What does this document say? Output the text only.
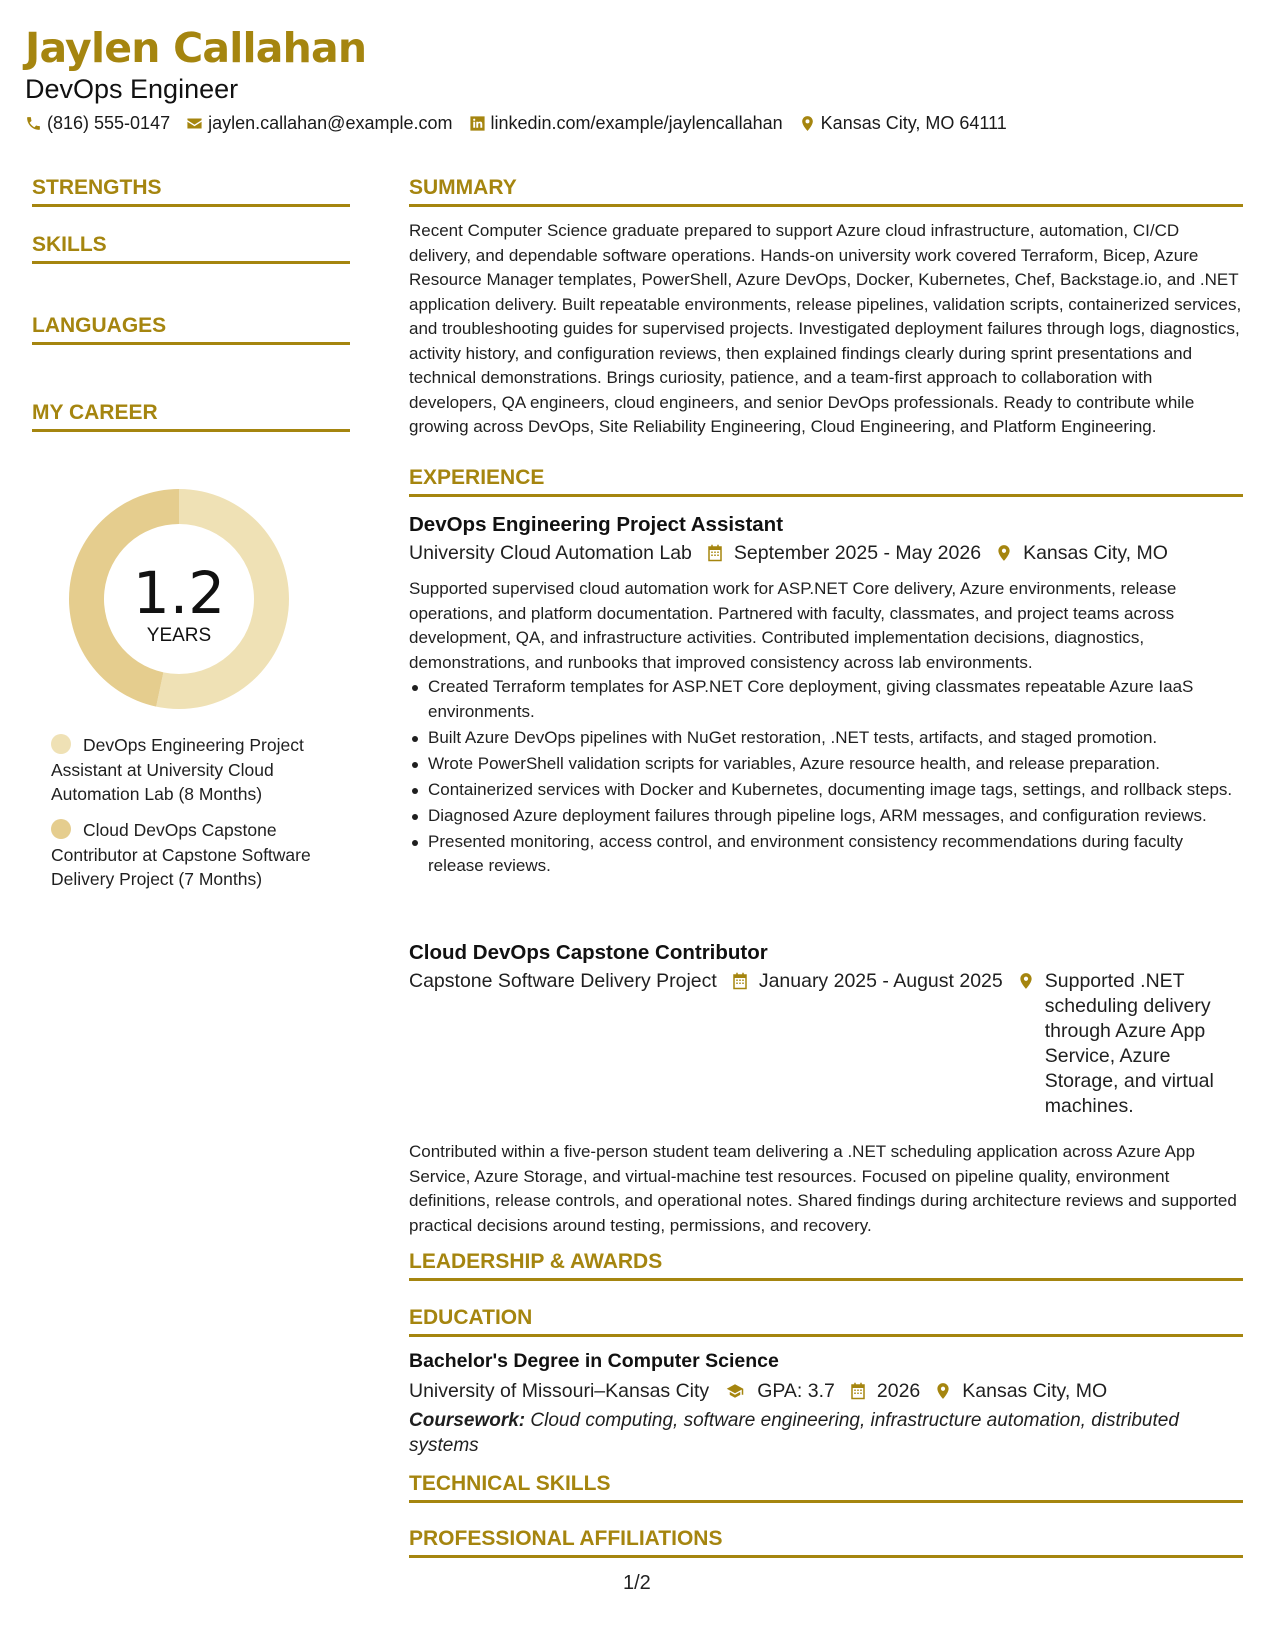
Jaylen Callahan
DevOps Engineer
(816) 555-0147 jaylen.callahan@example.com linkedin.com/example/jaylencallahan Kansas City, MO 64111
STRENGTHS
SKILLS
LANGUAGES
MY CAREER
1.2
YEARS
DevOps Engineering Project Assistant at University Cloud Automation Lab (8 Months)
Cloud DevOps Capstone Contributor at Capstone Software Delivery Project (7 Months)
SUMMARY
Recent Computer Science graduate prepared to support Azure cloud infrastructure, automation, CI/CD delivery, and dependable software operations. Hands-on university work covered Terraform, Bicep, Azure Resource Manager templates, PowerShell, Azure DevOps, Docker, Kubernetes, Chef, Backstage.io, and .NET application delivery. Built repeatable environments, release pipelines, validation scripts, containerized services, and troubleshooting guides for supervised projects. Investigated deployment failures through logs, diagnostics, activity history, and configuration reviews, then explained findings clearly during sprint presentations and technical demonstrations. Brings curiosity, patience, and a team-first approach to collaboration with developers, QA engineers, cloud engineers, and senior DevOps professionals. Ready to contribute while growing across DevOps, Site Reliability Engineering, Cloud Engineering, and Platform Engineering.
EXPERIENCE
DevOps Engineering Project Assistant
University Cloud Automation Lab September 2025 - May 2026 Kansas City, MO
Supported supervised cloud automation work for ASP.NET Core delivery, Azure environments, release operations, and platform documentation. Partnered with faculty, classmates, and project teams across development, QA, and infrastructure activities. Contributed implementation decisions, diagnostics, demonstrations, and runbooks that improved consistency across lab environments.
Created Terraform templates for ASP.NET Core deployment, giving classmates repeatable Azure IaaS environments.
Built Azure DevOps pipelines with NuGet restoration, .NET tests, artifacts, and staged promotion.
Wrote PowerShell validation scripts for variables, Azure resource health, and release preparation.
Containerized services with Docker and Kubernetes, documenting image tags, settings, and rollback steps.
Diagnosed Azure deployment failures through pipeline logs, ARM messages, and configuration reviews.
Presented monitoring, access control, and environment consistency recommendations during faculty release reviews.
Cloud DevOps Capstone Contributor
Capstone Software Delivery Project January 2025 - August 2025 Supported .NET scheduling delivery through Azure App Service, Azure Storage, and virtual machines.
Contributed within a five-person student team delivering a .NET scheduling application across Azure App Service, Azure Storage, and virtual-machine test resources. Focused on pipeline quality, environment definitions, release controls, and operational notes. Shared findings during architecture reviews and supported practical decisions around testing, permissions, and recovery.
LEADERSHIP & AWARDS
EDUCATION
Bachelor's Degree in Computer Science
University of Missouri–Kansas City GPA: 3.7 2026 Kansas City, MO
Coursework: Cloud computing, software engineering, infrastructure automation, distributed systems
TECHNICAL SKILLS
PROFESSIONAL AFFILIATIONS
1/2
